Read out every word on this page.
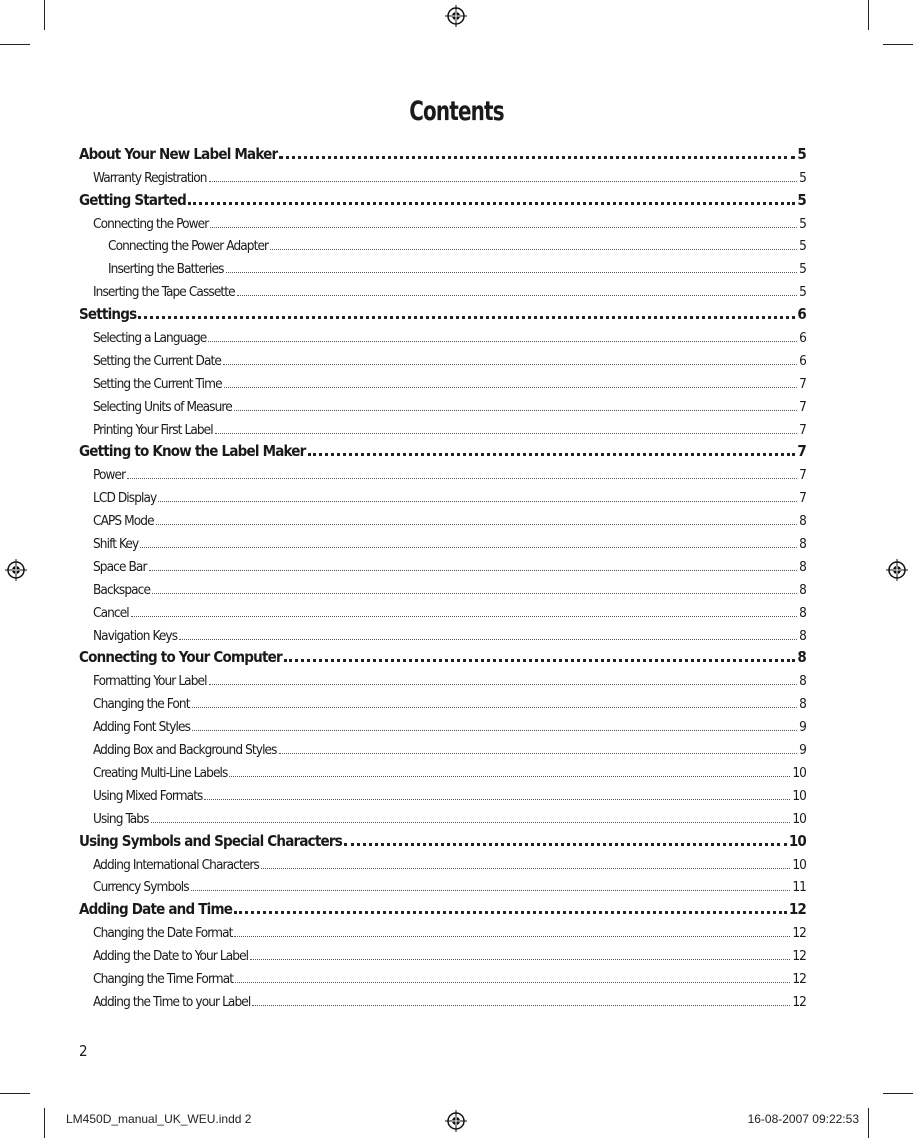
Contents
About Your New Label Maker	5
Warranty Registration	5
Getting Started	5
Connecting the Power	5
Connecting the Power Adapter	5
Inserting the Batteries	5
Inserting the Tape Cassette	5
Settings	6
Selecting a Language	6
Setting the Current Date	6
Setting the Current Time	7
Selecting Units of Measure	7
Printing Your First Label	7
Getting to Know the Label Maker	7
Power	7
LCD Display	7
CAPS Mode	8
Shift Key	8
Space Bar	8
Backspace	8
Cancel	8
Navigation Keys	8
Connecting to Your Computer	8
Formatting Your Label	8
Changing the Font	8
Adding Font Styles	9
Adding Box and Background Styles	9
Creating Multi-Line Labels	10
Using Mixed Formats	10
Using Tabs	10
Using Symbols and Special Characters	10
Adding International Characters	10
Currency Symbols	11
Adding Date and Time	12
Changing the Date Format	12
Adding the Date to Your Label	12
Changing the Time Format	12
Adding the Time to your Label	12
2
LM450D_manual_UK_WEU.indd 2	16-08-2007 09:22:53
